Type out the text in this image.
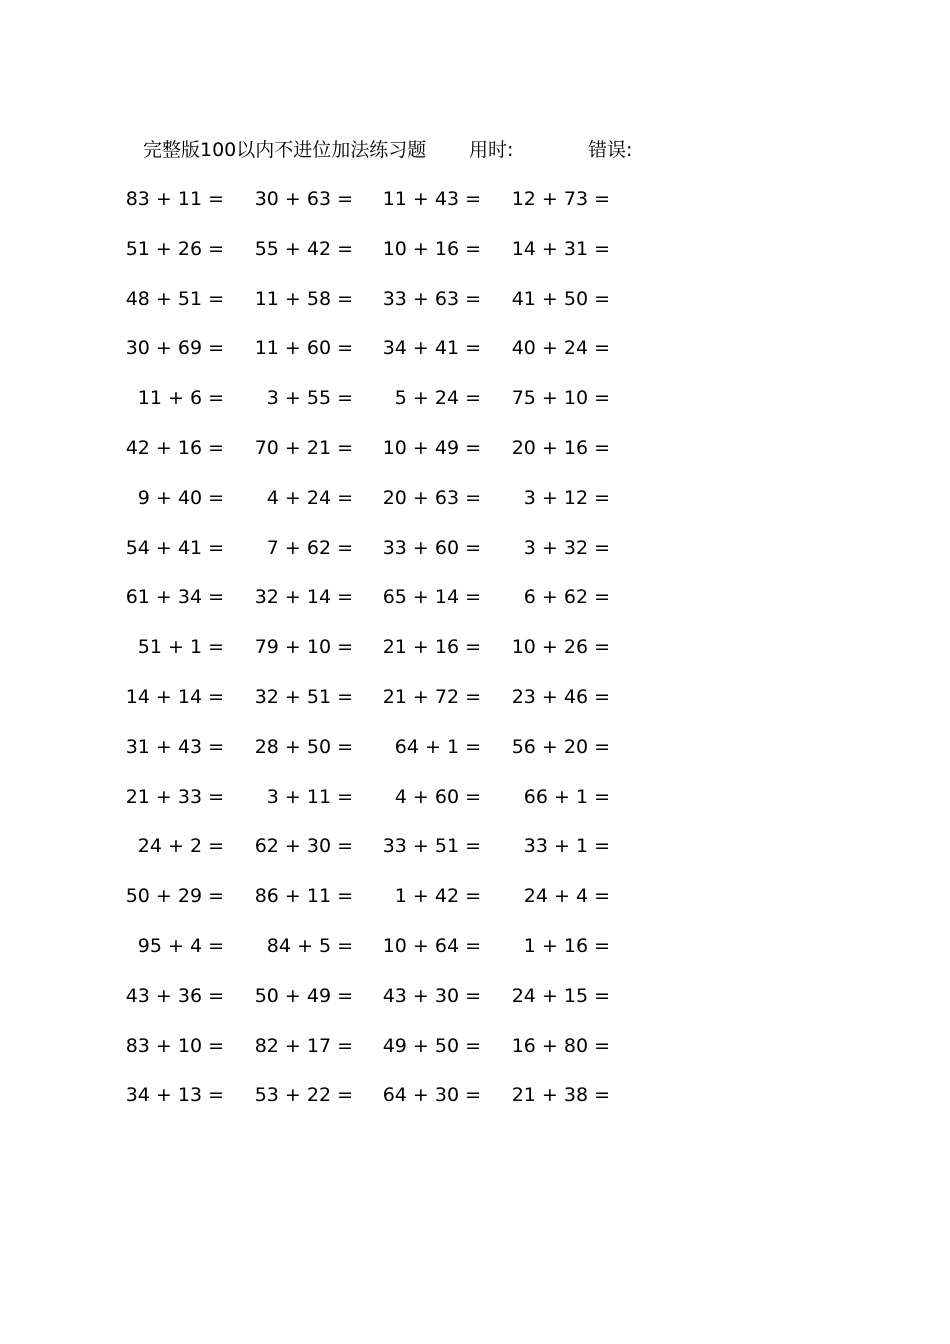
完整版100以内不进位加法练习题 用时:	错误:
83 + 11 = 30 + 63 = 11 + 43 = 12 + 73 =
51 + 26 = 55 + 42 = 10 + 16 = 14 + 31 =
48 + 51 = 11 + 58 = 33 + 63 = 41 + 50 =
30 + 69 = 11 + 60 = 34 + 41 = 40 + 24 =
11 + 6 = 3 + 55 = 5 + 24 = 75 + 10 =
42 + 16 = 70 + 21 = 10 + 49 = 20 + 16 =
9 + 40 = 4 + 24 = 20 + 63 = 3 + 12 =
54 + 41 = 7 + 62 = 33 + 60 = 3 + 32 =
61 + 34 = 32 + 14 = 65 + 14 = 6 + 62 =
51 + 1 = 79 + 10 = 21 + 16 = 10 + 26 =
14 + 14 = 32 + 51 = 21 + 72 = 23 + 46 =
31 + 43 = 28 + 50 = 64 + 1 = 56 + 20 =
21 + 33 = 3 + 11 = 4 + 60 = 66 + 1 =
24 + 2 = 62 + 30 = 33 + 51 = 33 + 1 =
50 + 29 = 86 + 11 = 1 + 42 = 24 + 4 =
95 + 4 = 84 + 5 = 10 + 64 = 1 + 16 =
43 + 36 = 50 + 49 = 43 + 30 = 24 + 15 =
83 + 10 = 82 + 17 = 49 + 50 = 16 + 80 =
34 + 13 = 53 + 22 = 64 + 30 = 21 + 38 =
